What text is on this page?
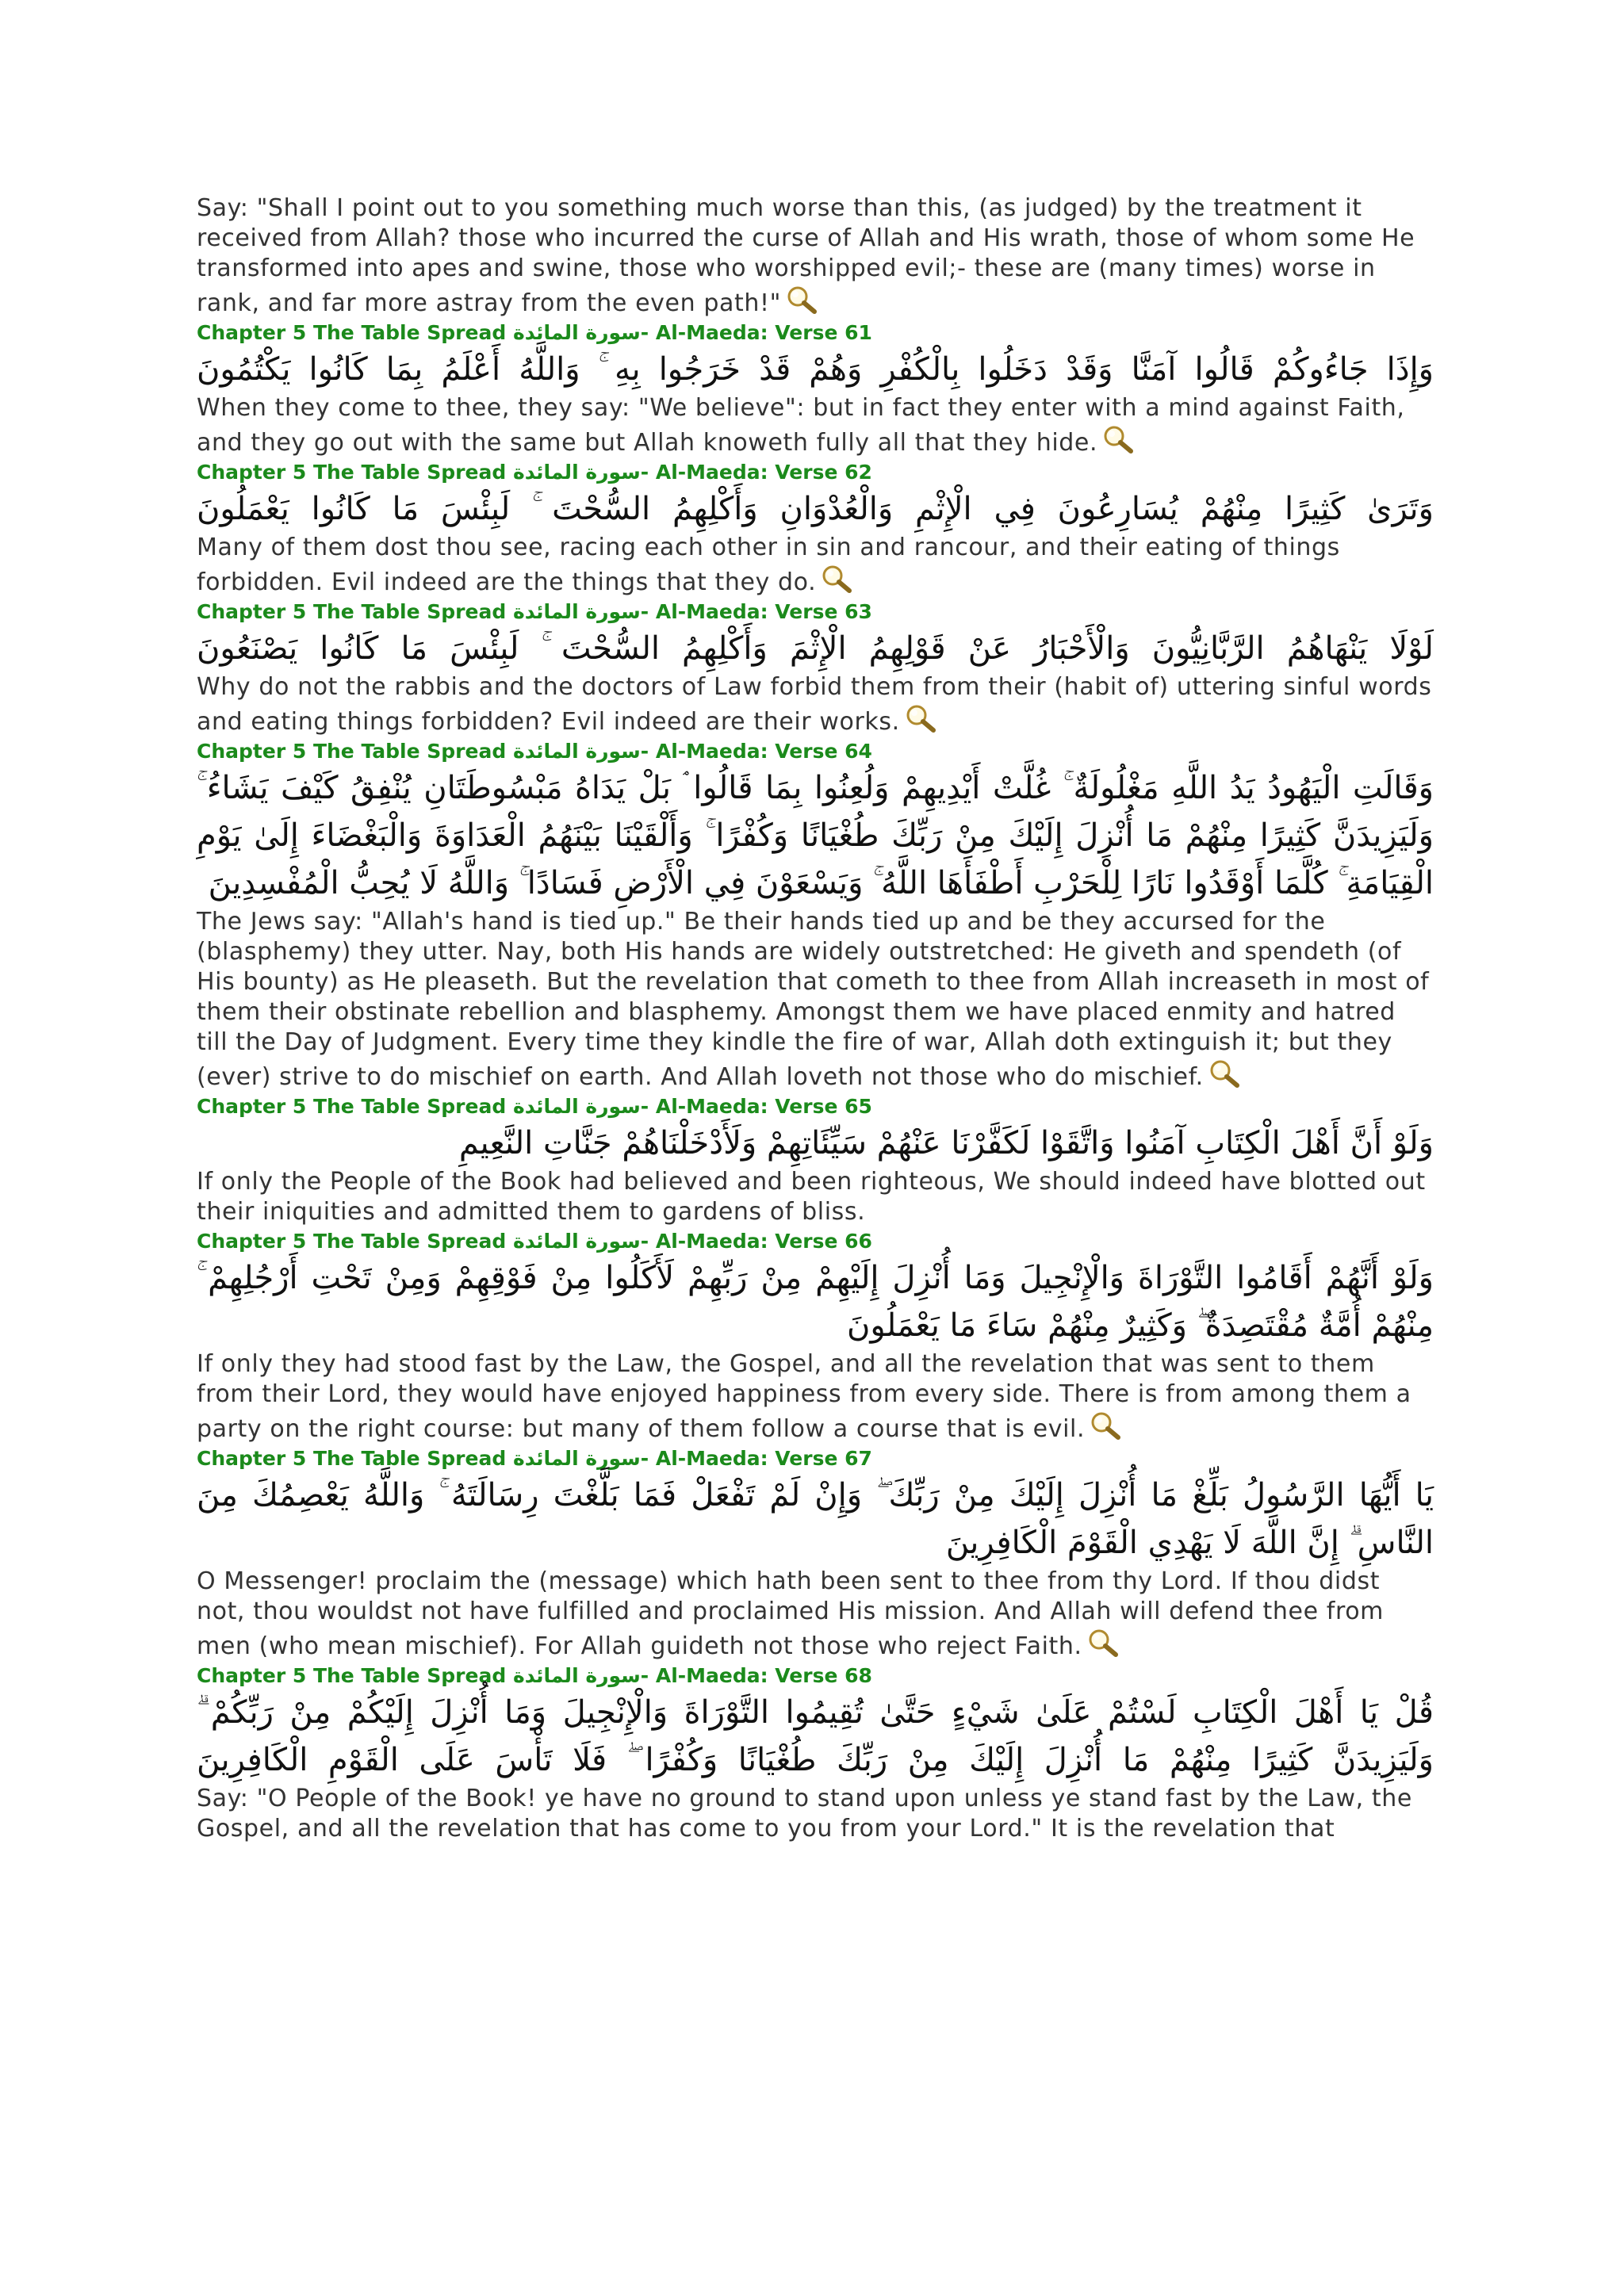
Say: "Shall I point out to you something much worse than this, (as judged) by the treatment it received from Allah? those who incurred the curse of Allah and His wrath, those of whom some He transformed into apes and swine, those who worshipped evil;- these are (many times) worse in rank, and far more astray from the even path!"

Chapter 5 The Table Spread سورة المائدة- Al-Maeda: Verse 61

وَإِذَا جَاءُوكُمْ قَالُوا آمَنَّا وَقَدْ دَخَلُوا بِالْكُفْرِ وَهُمْ قَدْ خَرَجُوا بِهِ ۚ وَاللَّهُ أَعْلَمُ بِمَا كَانُوا يَكْتُمُونَ

When they come to thee, they say: "We believe": but in fact they enter with a mind against Faith, and they go out with the same but Allah knoweth fully all that they hide.

Chapter 5 The Table Spread سورة المائدة- Al-Maeda: Verse 62

وَتَرَىٰ كَثِيرًا مِنْهُمْ يُسَارِعُونَ فِي الْإِثْمِ وَالْعُدْوَانِ وَأَكْلِهِمُ السُّحْتَ ۚ لَبِئْسَ مَا كَانُوا يَعْمَلُونَ

Many of them dost thou see, racing each other in sin and rancour, and their eating of things forbidden. Evil indeed are the things that they do.

Chapter 5 The Table Spread سورة المائدة- Al-Maeda: Verse 63

لَوْلَا يَنْهَاهُمُ الرَّبَّانِيُّونَ وَالْأَحْبَارُ عَنْ قَوْلِهِمُ الْإِثْمَ وَأَكْلِهِمُ السُّحْتَ ۚ لَبِئْسَ مَا كَانُوا يَصْنَعُونَ

Why do not the rabbis and the doctors of Law forbid them from their (habit of) uttering sinful words and eating things forbidden? Evil indeed are their works.

Chapter 5 The Table Spread سورة المائدة- Al-Maeda: Verse 64

وَقَالَتِ الْيَهُودُ يَدُ اللَّهِ مَغْلُولَةٌ ۚ غُلَّتْ أَيْدِيهِمْ وَلُعِنُوا بِمَا قَالُوا ۘ بَلْ يَدَاهُ مَبْسُوطَتَانِ يُنْفِقُ كَيْفَ يَشَاءُ ۚ وَلَيَزِيدَنَّ كَثِيرًا مِنْهُمْ مَا أُنْزِلَ إِلَيْكَ مِنْ رَبِّكَ طُغْيَانًا وَكُفْرًا ۚ وَأَلْقَيْنَا بَيْنَهُمُ الْعَدَاوَةَ وَالْبَغْضَاءَ إِلَىٰ يَوْمِ الْقِيَامَةِ ۚ كُلَّمَا أَوْقَدُوا نَارًا لِلْحَرْبِ أَطْفَأَهَا اللَّهُ ۚ وَيَسْعَوْنَ فِي الْأَرْضِ فَسَادًا ۚ وَاللَّهُ لَا يُحِبُّ الْمُفْسِدِينَ

The Jews say: "Allah's hand is tied up." Be their hands tied up and be they accursed for the (blasphemy) they utter. Nay, both His hands are widely outstretched: He giveth and spendeth (of His bounty) as He pleaseth. But the revelation that cometh to thee from Allah increaseth in most of them their obstinate rebellion and blasphemy. Amongst them we have placed enmity and hatred till the Day of Judgment. Every time they kindle the fire of war, Allah doth extinguish it; but they (ever) strive to do mischief on earth. And Allah loveth not those who do mischief.

Chapter 5 The Table Spread سورة المائدة- Al-Maeda: Verse 65

وَلَوْ أَنَّ أَهْلَ الْكِتَابِ آمَنُوا وَاتَّقَوْا لَكَفَّرْنَا عَنْهُمْ سَيِّئَاتِهِمْ وَلَأَدْخَلْنَاهُمْ جَنَّاتِ النَّعِيمِ

If only the People of the Book had believed and been righteous, We should indeed have blotted out their iniquities and admitted them to gardens of bliss.

Chapter 5 The Table Spread سورة المائدة- Al-Maeda: Verse 66

وَلَوْ أَنَّهُمْ أَقَامُوا التَّوْرَاةَ وَالْإِنْجِيلَ وَمَا أُنْزِلَ إِلَيْهِمْ مِنْ رَبِّهِمْ لَأَكَلُوا مِنْ فَوْقِهِمْ وَمِنْ تَحْتِ أَرْجُلِهِمْ ۚ مِنْهُمْ أُمَّةٌ مُقْتَصِدَةٌ ۖ وَكَثِيرٌ مِنْهُمْ سَاءَ مَا يَعْمَلُونَ

If only they had stood fast by the Law, the Gospel, and all the revelation that was sent to them from their Lord, they would have enjoyed happiness from every side. There is from among them a party on the right course: but many of them follow a course that is evil.

Chapter 5 The Table Spread سورة المائدة- Al-Maeda: Verse 67

يَا أَيُّهَا الرَّسُولُ بَلِّغْ مَا أُنْزِلَ إِلَيْكَ مِنْ رَبِّكَ ۖ وَإِنْ لَمْ تَفْعَلْ فَمَا بَلَّغْتَ رِسَالَتَهُ ۚ وَاللَّهُ يَعْصِمُكَ مِنَ النَّاسِ ۗ إِنَّ اللَّهَ لَا يَهْدِي الْقَوْمَ الْكَافِرِينَ

O Messenger! proclaim the (message) which hath been sent to thee from thy Lord. If thou didst not, thou wouldst not have fulfilled and proclaimed His mission. And Allah will defend thee from men (who mean mischief). For Allah guideth not those who reject Faith.

Chapter 5 The Table Spread سورة المائدة- Al-Maeda: Verse 68

قُلْ يَا أَهْلَ الْكِتَابِ لَسْتُمْ عَلَىٰ شَيْءٍ حَتَّىٰ تُقِيمُوا التَّوْرَاةَ وَالْإِنْجِيلَ وَمَا أُنْزِلَ إِلَيْكُمْ مِنْ رَبِّكُمْ ۗ وَلَيَزِيدَنَّ كَثِيرًا مِنْهُمْ مَا أُنْزِلَ إِلَيْكَ مِنْ رَبِّكَ طُغْيَانًا وَكُفْرًا ۖ فَلَا تَأْسَ عَلَى الْقَوْمِ الْكَافِرِينَ

Say: "O People of the Book! ye have no ground to stand upon unless ye stand fast by the Law, the Gospel, and all the revelation that has come to you from your Lord." It is the revelation that
